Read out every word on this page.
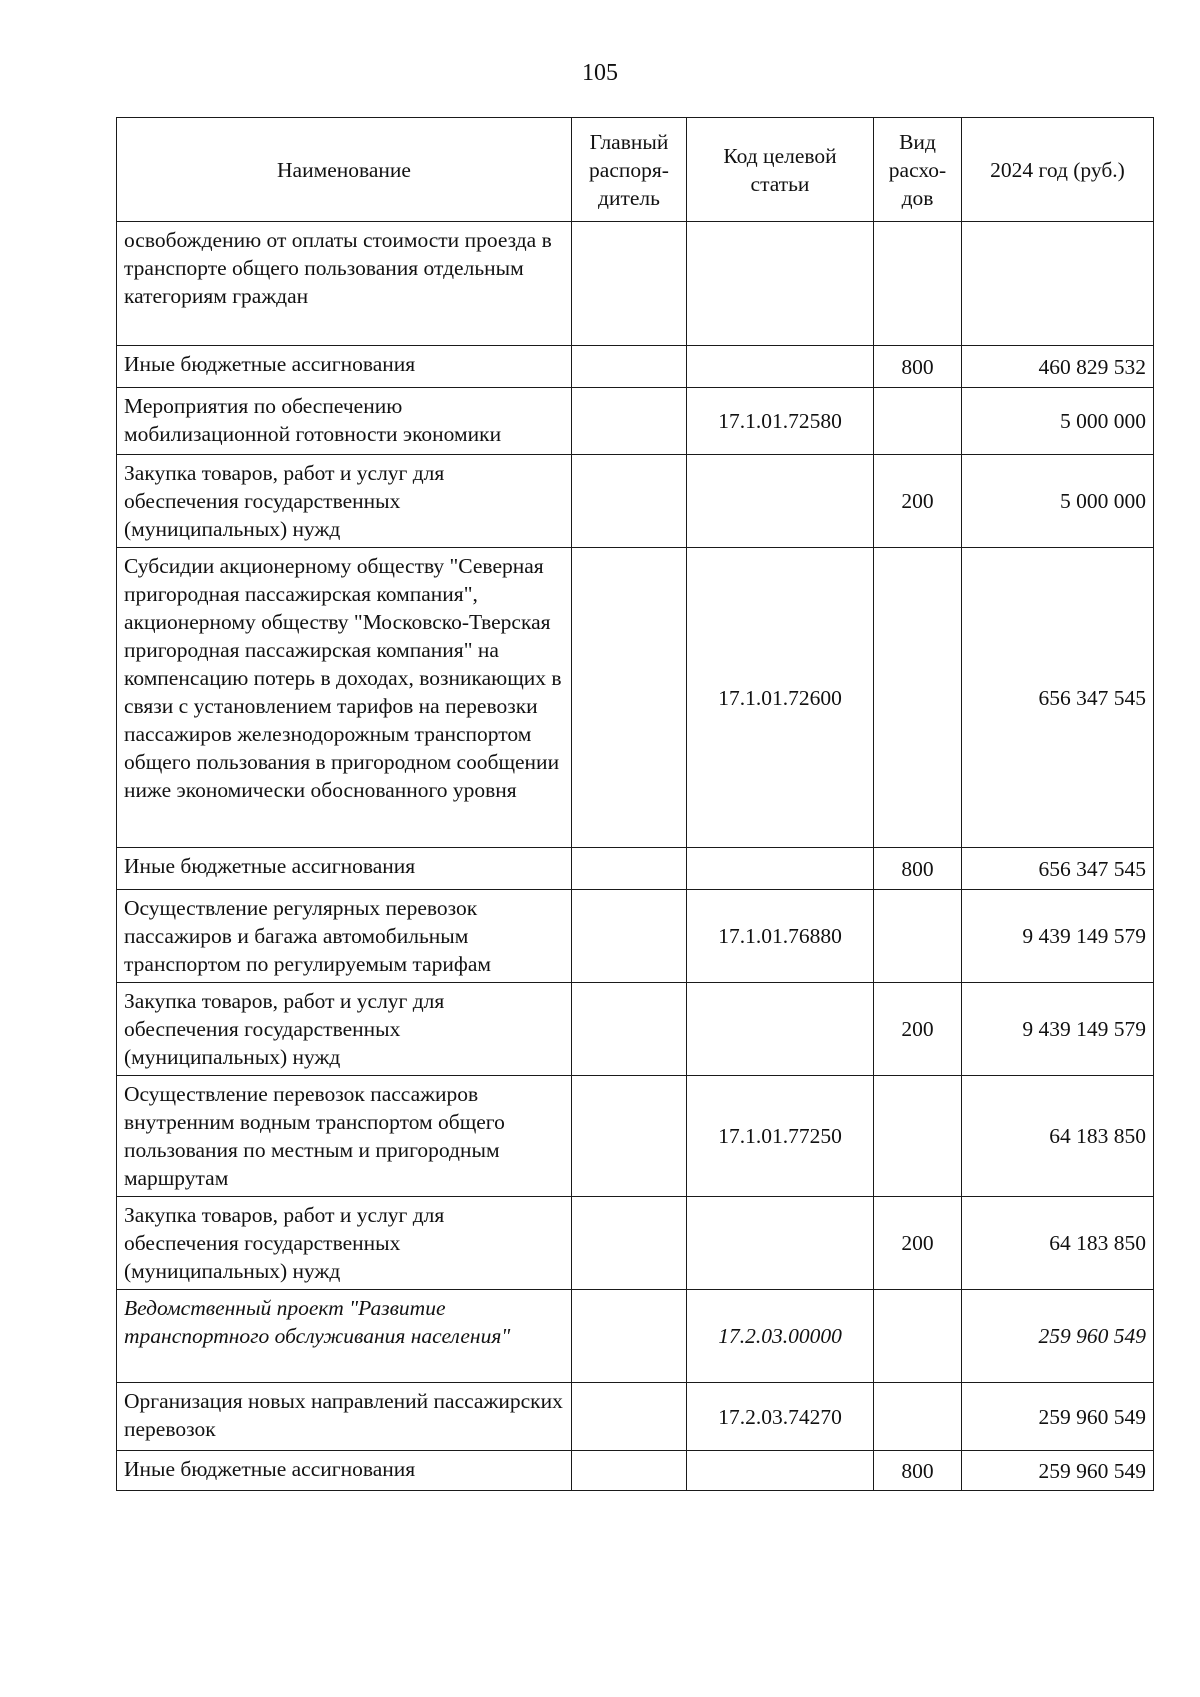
105
Наименование	Главный распоря-дитель	Код целевой статьи	Вид расхо-дов	2024 год (руб.)
освобождению от оплаты стоимости проезда в транспорте общего пользования отдельным категориям граждан				
Иные бюджетные ассигнования			800	460 829 532
Мероприятия по обеспечению мобилизационной готовности экономики		17.1.01.72580		5 000 000
Закупка товаров, работ и услуг для обеспечения государственных (муниципальных) нужд			200	5 000 000
Субсидии акционерному обществу "Северная пригородная пассажирская компания", акционерному обществу "Московско-Тверская пригородная пассажирская компания" на компенсацию потерь в доходах, возникающих в связи с установлением тарифов на перевозки пассажиров железнодорожным транспортом общего пользования в пригородном сообщении ниже экономически обоснованного уровня		17.1.01.72600		656 347 545
Иные бюджетные ассигнования			800	656 347 545
Осуществление регулярных перевозок пассажиров и багажа автомобильным транспортом по регулируемым тарифам		17.1.01.76880		9 439 149 579
Закупка товаров, работ и услуг для обеспечения государственных (муниципальных) нужд			200	9 439 149 579
Осуществление перевозок пассажиров внутренним водным транспортом общего пользования по местным и пригородным маршрутам		17.1.01.77250		64 183 850
Закупка товаров, работ и услуг для обеспечения государственных (муниципальных) нужд			200	64 183 850
Ведомственный проект "Развитие транспортного обслуживания населения"		17.2.03.00000		259 960 549
Организация новых направлений пассажирских перевозок		17.2.03.74270		259 960 549
Иные бюджетные ассигнования			800	259 960 549
